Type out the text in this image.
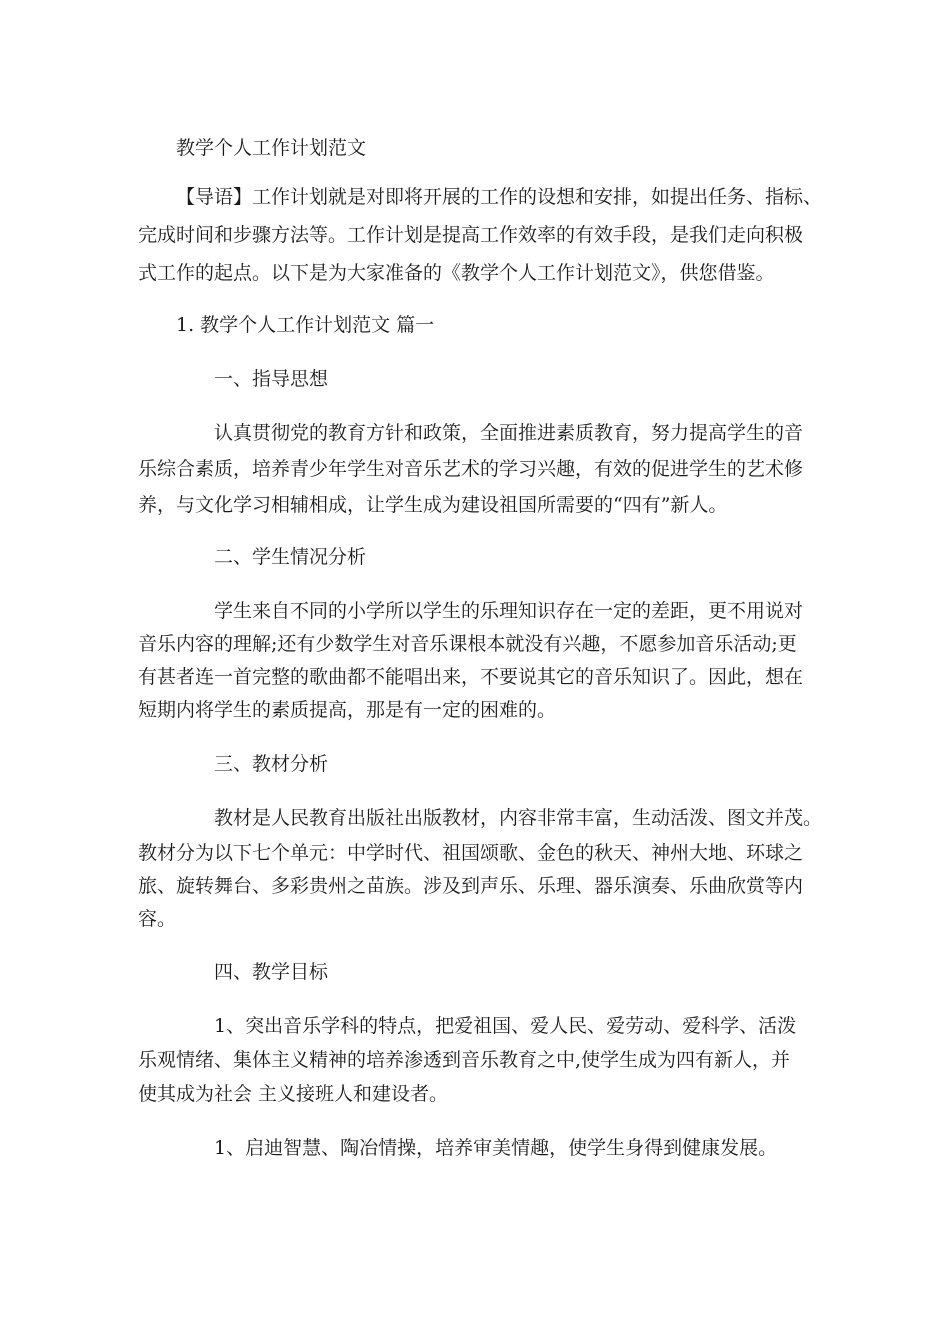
教学个人工作计划范文

【导语】工作计划就是对即将开展的工作的设想和安排，如提出任务、指标、

完成时间和步骤方法等。工作计划是提高工作效率的有效手段，是我们走向积极

式工作的起点。以下是为大家准备的《教学个人工作计划范文》，供您借鉴。

1. 教学个人工作计划范文 篇一

一、指导思想

认真贯彻党的教育方针和政策，全面推进素质教育，努力提高学生的音

乐综合素质，培养青少年学生对音乐艺术的学习兴趣，有效的促进学生的艺术修

养，与文化学习相辅相成，让学生成为建设祖国所需要的“四有”新人。

二、学生情况分析

学生来自不同的小学所以学生的乐理知识存在一定的差距，更不用说对

音乐内容的理解;还有少数学生对音乐课根本就没有兴趣，不愿参加音乐活动;更

有甚者连一首完整的歌曲都不能唱出来，不要说其它的音乐知识了。因此，想在

短期内将学生的素质提高，那是有一定的困难的。

三、教材分析

教材是人民教育出版社出版教材，内容非常丰富，生动活泼、图文并茂。

教材分为以下七个单元：中学时代、祖国颂歌、金色的秋天、神州大地、环球之

旅、旋转舞台、多彩贵州之苗族。涉及到声乐、乐理、器乐演奏、乐曲欣赏等内

容。

四、教学目标

1、突出音乐学科的特点，把爱祖国、爱人民、爱劳动、爱科学、活泼

乐观情绪、集体主义精神的培养渗透到音乐教育之中,使学生成为四有新人，并

使其成为社会 主义接班人和建设者。

1、启迪智慧、陶冶情操，培养审美情趣，使学生身得到健康发展。
